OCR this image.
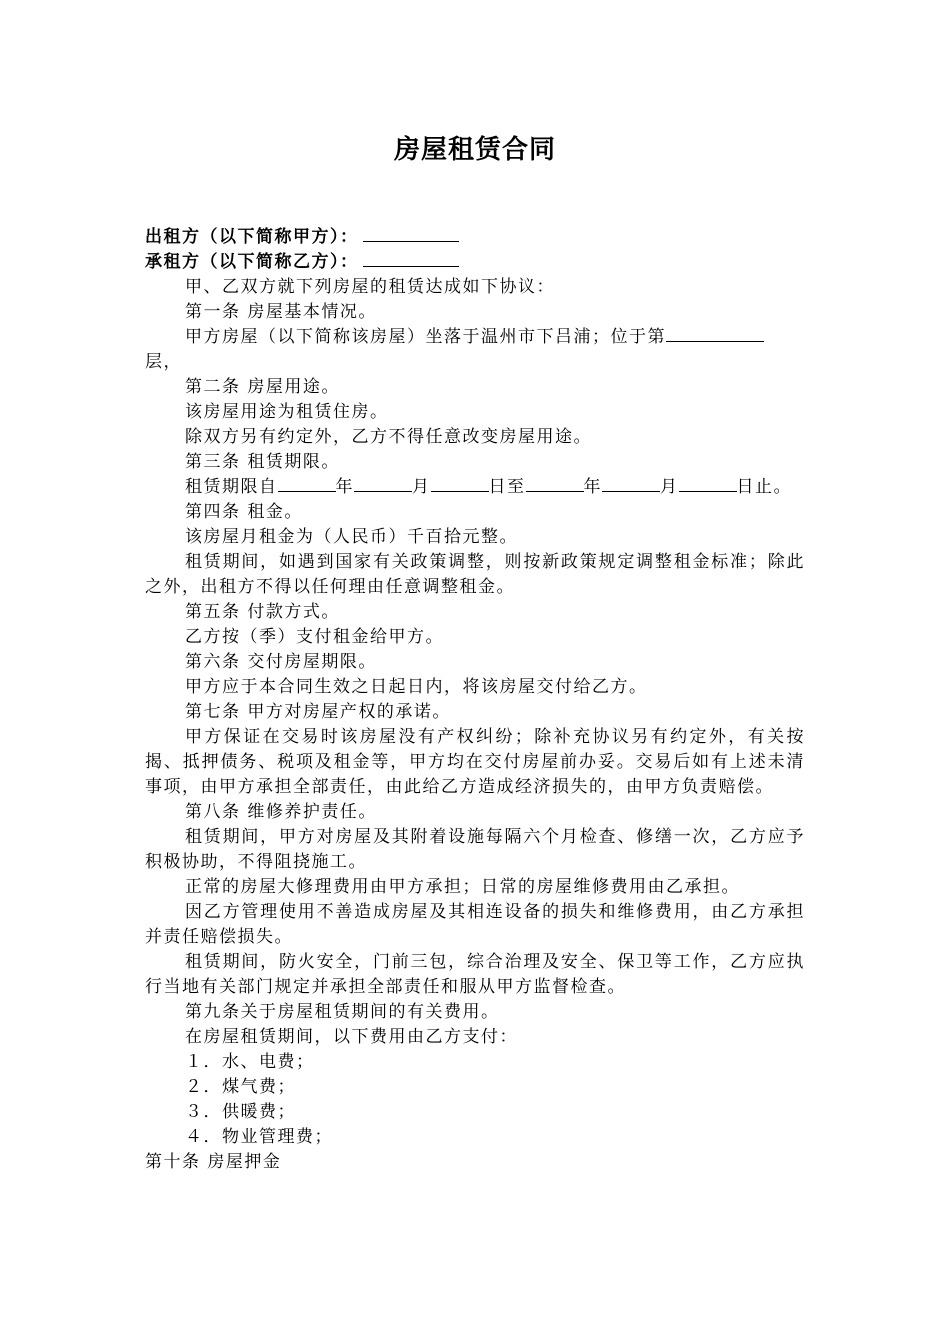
房屋租赁合同

出租方（以下简称甲方）：

承租方（以下简称乙方）：

甲、乙双方就下列房屋的租赁达成如下协议：

第一条 房屋基本情况。

甲方房屋（以下简称该房屋）坐落于温州市下吕浦；位于第

层，

第二条 房屋用途。

该房屋用途为租赁住房。

除双方另有约定外，乙方不得任意改变房屋用途。

第三条 租赁期限。

租赁期限自	年	月	日至	年	月	日止。

第四条 租金。

该房屋月租金为（人民币）千百拾元整。

租赁期间，如遇到国家有关政策调整，则按新政策规定调整租金标准；除此之外，出租方不得以任何理由任意调整租金。

第五条 付款方式。

乙方按（季）支付租金给甲方。

第六条 交付房屋期限。

甲方应于本合同生效之日起日内，将该房屋交付给乙方。

第七条 甲方对房屋产权的承诺。

甲方保证在交易时该房屋没有产权纠纷；除补充协议另有约定外，有关按揭、抵押债务、税项及租金等，甲方均在交付房屋前办妥。交易后如有上述未清事项，由甲方承担全部责任，由此给乙方造成经济损失的，由甲方负责赔偿。

第八条 维修养护责任。

租赁期间，甲方对房屋及其附着设施每隔六个月检查、修缮一次，乙方应予积极协助，不得阻挠施工。

正常的房屋大修理费用由甲方承担；日常的房屋维修费用由乙承担。

因乙方管理使用不善造成房屋及其相连设备的损失和维修费用，由乙方承担并责任赔偿损失。

租赁期间，防火安全，门前三包，综合治理及安全、保卫等工作，乙方应执行当地有关部门规定并承担全部责任和服从甲方监督检查。

第九条关于房屋租赁期间的有关费用。

在房屋租赁期间，以下费用由乙方支付：

１．水、电费；

２．煤气费；

３．供暖费；

４．物业管理费；

第十条 房屋押金
